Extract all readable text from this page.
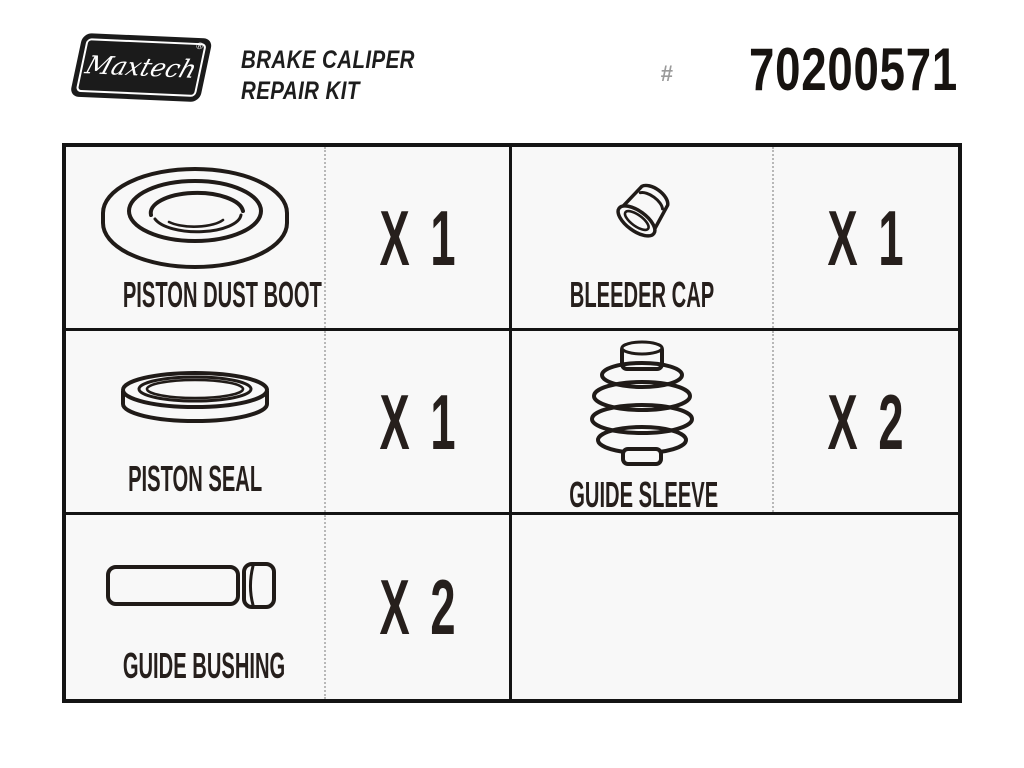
Maxtech
® BRAKE CALIPER
REPAIR KIT
# 70200571
PISTON DUST BOOT
X 1
BLEEDER CAP
X 1
PISTON SEAL
X 1
GUIDE SLEEVE
X 2
GUIDE BUSHING
X 2
